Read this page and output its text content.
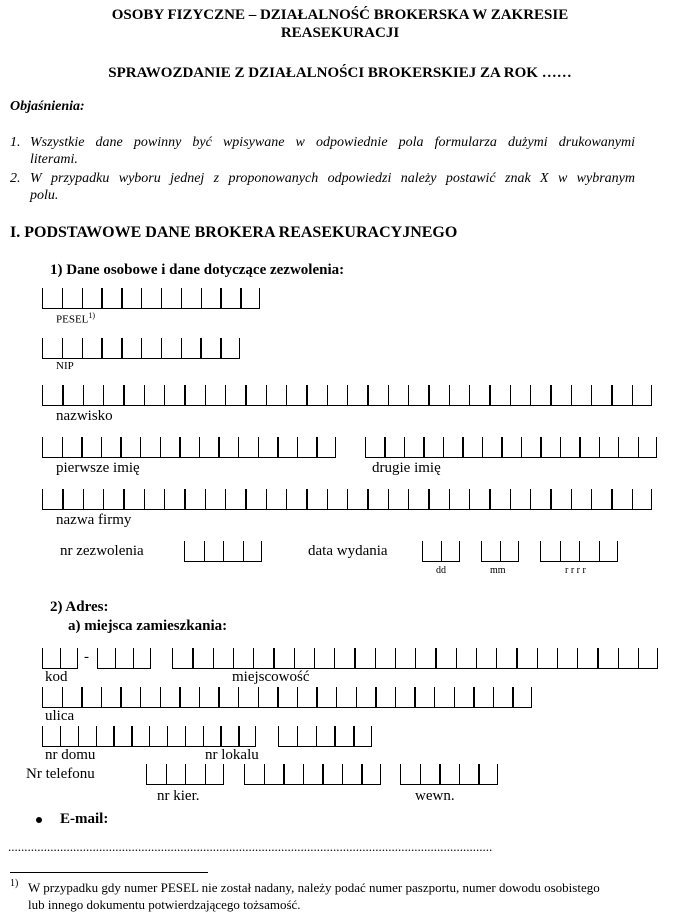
OSOBY FIZYCZNE – DZIAŁALNOŚĆ BROKERSKA W ZAKRESIE
REASEKURACJI
SPRAWOZDANIE Z DZIAŁALNOŚCI BROKERSKIEJ ZA ROK ……
Objaśnienia:
1. Wszystkie dane powinny być wpisywane w odpowiednie pola formularza dużymi drukowanymi
literami.
2. W przypadku wyboru jednej z proponowanych odpowiedzi należy postawić znak X w wybranym
polu.
I. PODSTAWOWE DANE BROKERA REASEKURACYJNEGO
1) Dane osobowe i dane dotyczące zezwolenia:
PESEL$^{1)}$
NIP
nazwisko
pierwsze imię	drugie imię
nazwa firmy
nr zezwolenia	data wydania
dd	mm	r r r r
2) Adres:
a) miejsca zamieszkania:
-
kod	miejscowość
ulica
nr domu	nr lokalu
Nr telefonu
nr kier.	wewn.
E-mail:
.....................................................................................................................................................
1) W przypadku gdy numer PESEL nie został nadany, należy podać numer paszportu, numer dowodu osobistego
lub innego dokumentu potwierdzającego tożsamość.
